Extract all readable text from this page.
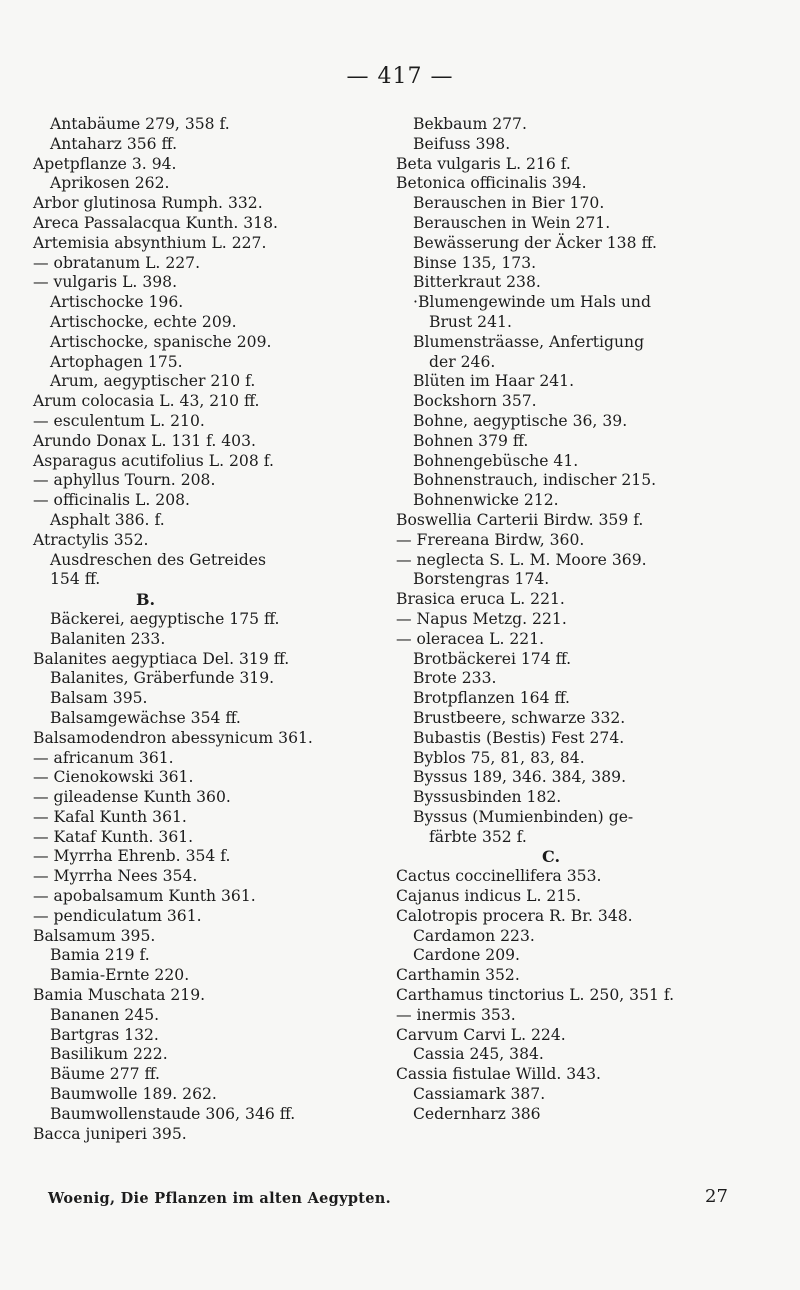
— 417 —
Antabäume 279, 358 f.
Antaharz 356 ff.
Apetpflanze 3. 94.
Aprikosen 262.
Arbor glutinosa Rumph. 332.
Areca Passalacqua Kunth. 318.
Artemisia absynthium L. 227.
— obratanum L. 227.
— vulgaris L. 398.
Artischocke 196.
Artischocke, echte 209.
Artischocke, spanische 209.
Artophagen 175.
Arum, aegyptischer 210 f.
Arum colocasia L. 43, 210 ff.
— esculentum L. 210.
Arundo Donax L. 131 f. 403.
Asparagus acutifolius L. 208 f.
— aphyllus Tourn. 208.
— officinalis L. 208.
Asphalt 386. f.
Atractylis 352.
Ausdreschen des Getreides
154 ff.
B.
Bäckerei, aegyptische 175 ff.
Balaniten 233.
Balanites aegyptiaca Del. 319 ff.
Balanites, Gräberfunde 319.
Balsam 395.
Balsamgewächse 354 ff.
Balsamodendron abessynicum 361.
— africanum 361.
— Cienokowski 361.
— gileadense Kunth 360.
— Kafal Kunth 361.
— Kataf Kunth. 361.
— Myrrha Ehrenb. 354 f.
— Myrrha Nees 354.
— apobalsamum Kunth 361.
— pendiculatum 361.
Balsamum 395.
Bamia 219 f.
Bamia-Ernte 220.
Bamia Muschata 219.
Bananen 245.
Bartgras 132.
Basilikum 222.
Bäume 277 ff.
Baumwolle 189. 262.
Baumwollenstaude 306, 346 ff.
Bacca juniperi 395.
Bekbaum 277.
Beifuss 398.
Beta vulgaris L. 216 f.
Betonica officinalis 394.
Berauschen in Bier 170.
Berauschen in Wein 271.
Bewässerung der Äcker 138 ff.
Binse 135, 173.
Bitterkraut 238.
·Blumengewinde um Hals und
Brust 241.
Blumensträasse, Anfertigung
der 246.
Blüten im Haar 241.
Bockshorn 357.
Bohne, aegyptische 36, 39.
Bohnen 379 ff.
Bohnengebüsche 41.
Bohnenstrauch, indischer 215.
Bohnenwicke 212.
Boswellia Carterii Birdw. 359 f.
— Frereana Birdw, 360.
— neglecta S. L. M. Moore 369.
Borstengras 174.
Brasica eruca L. 221.
— Napus Metzg. 221.
— oleracea L. 221.
Brotbäckerei 174 ff.
Brote 233.
Brotpflanzen 164 ff.
Brustbeere, schwarze 332.
Bubastis (Bestis) Fest 274.
Byblos 75, 81, 83, 84.
Byssus 189, 346. 384, 389.
Byssusbinden 182.
Byssus (Mumienbinden) ge-
färbte 352 f.
C.
Cactus coccinellifera 353.
Cajanus indicus L. 215.
Calotropis procera R. Br. 348.
Cardamon 223.
Cardone 209.
Carthamin 352.
Carthamus tinctorius L. 250, 351 f.
— inermis 353.
Carvum Carvi L. 224.
Cassia 245, 384.
Cassia fistulae Willd. 343.
Cassiamark 387.
Cedernharz 386
Woenig, Die Pflanzen im alten Aegypten.	27
